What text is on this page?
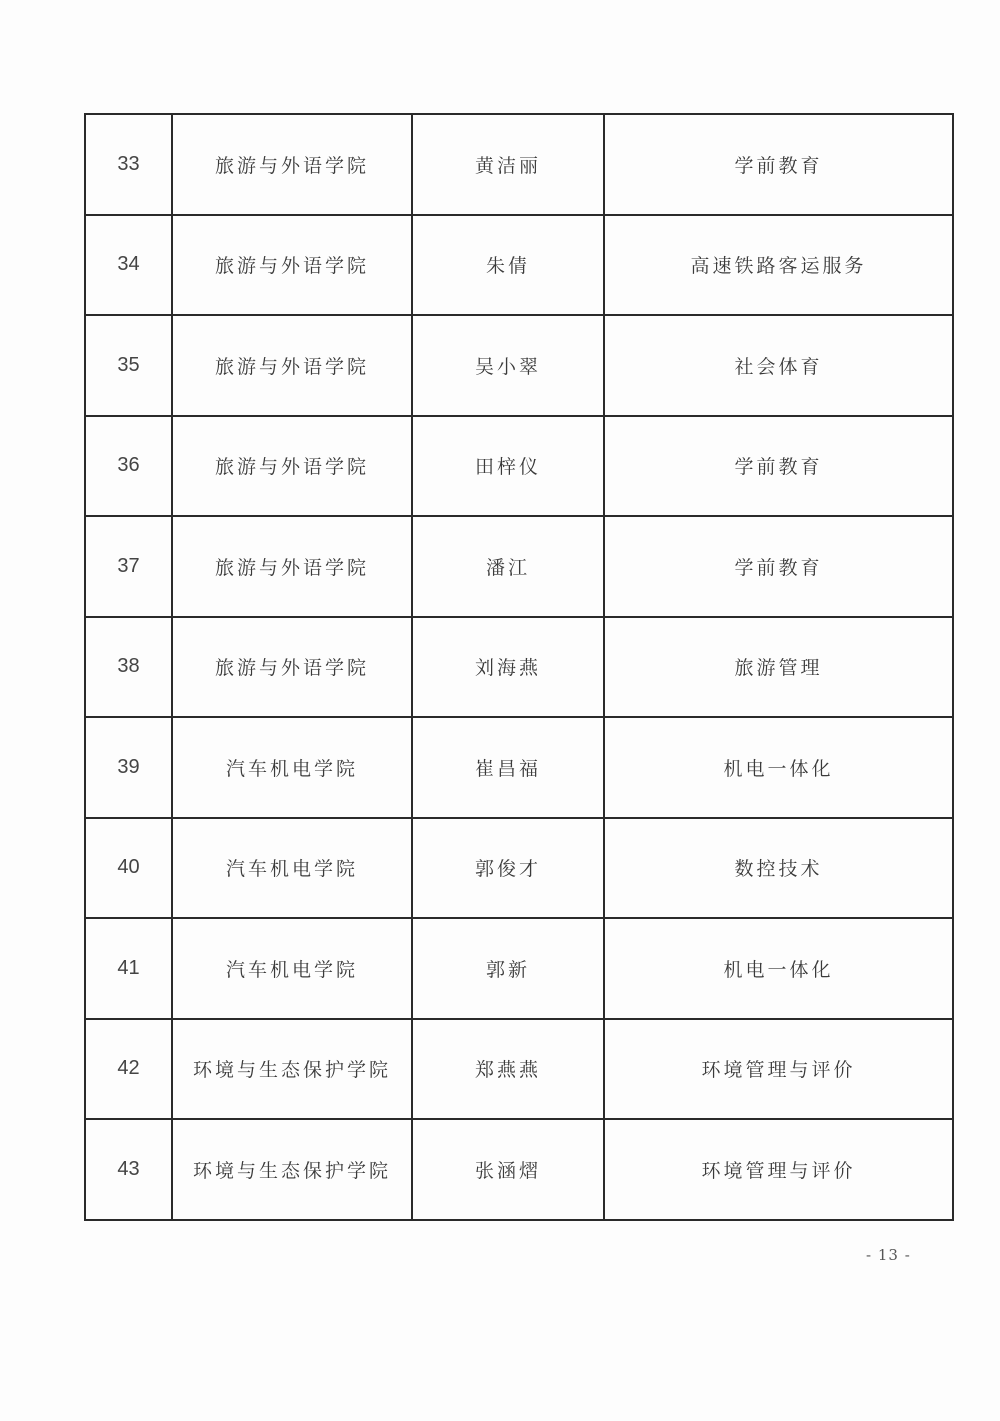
33	旅游与外语学院	黄洁丽	学前教育
34	旅游与外语学院	朱倩	高速铁路客运服务
35	旅游与外语学院	吴小翠	社会体育
36	旅游与外语学院	田梓仪	学前教育
37	旅游与外语学院	潘江	学前教育
38	旅游与外语学院	刘海燕	旅游管理
39	汽车机电学院	崔昌福	机电一体化
40	汽车机电学院	郭俊才	数控技术
41	汽车机电学院	郭新	机电一体化
42	环境与生态保护学院	郑燕燕	环境管理与评价
43	环境与生态保护学院	张涵熠	环境管理与评价
- 13 -
